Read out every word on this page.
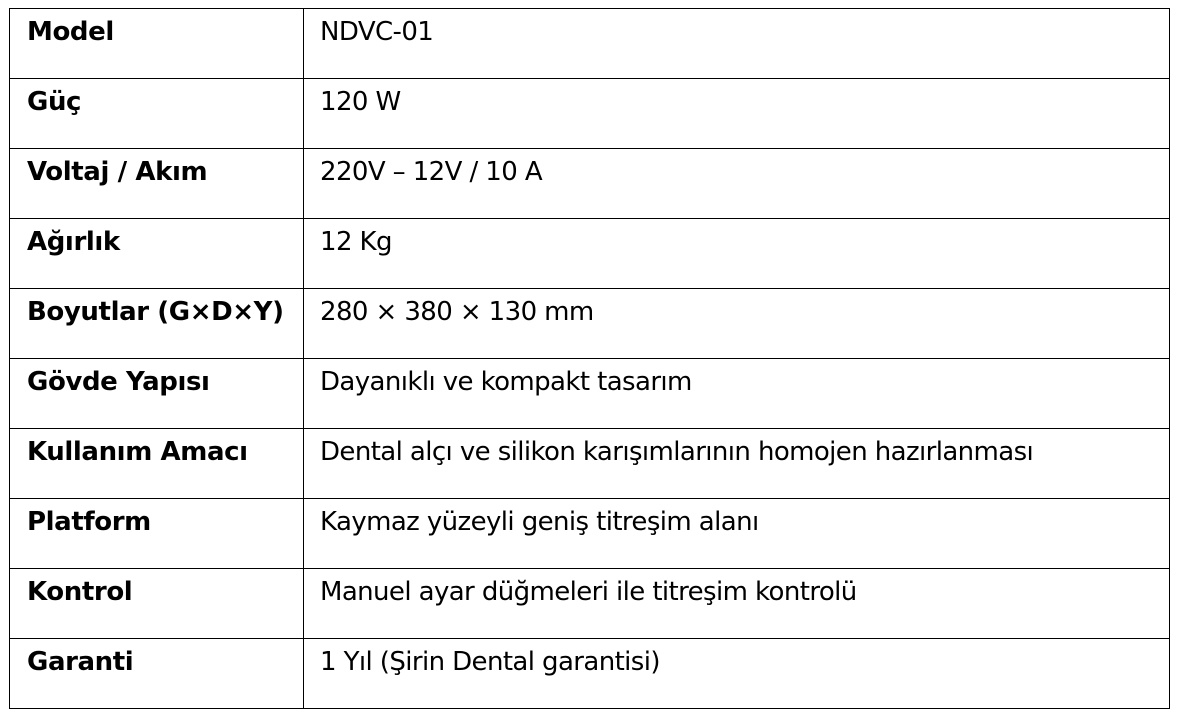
Model	NDVC-01
Güç	120 W
Voltaj / Akım	220V – 12V / 10 A
Ağırlık	12 Kg
Boyutlar (G×D×Y)	280 × 380 × 130 mm
Gövde Yapısı	Dayanıklı ve kompakt tasarım
Kullanım Amacı	Dental alçı ve silikon karışımlarının homojen hazırlanması
Platform	Kaymaz yüzeyli geniş titreşim alanı
Kontrol	Manuel ayar düğmeleri ile titreşim kontrolü
Garanti	1 Yıl (Şirin Dental garantisi)
